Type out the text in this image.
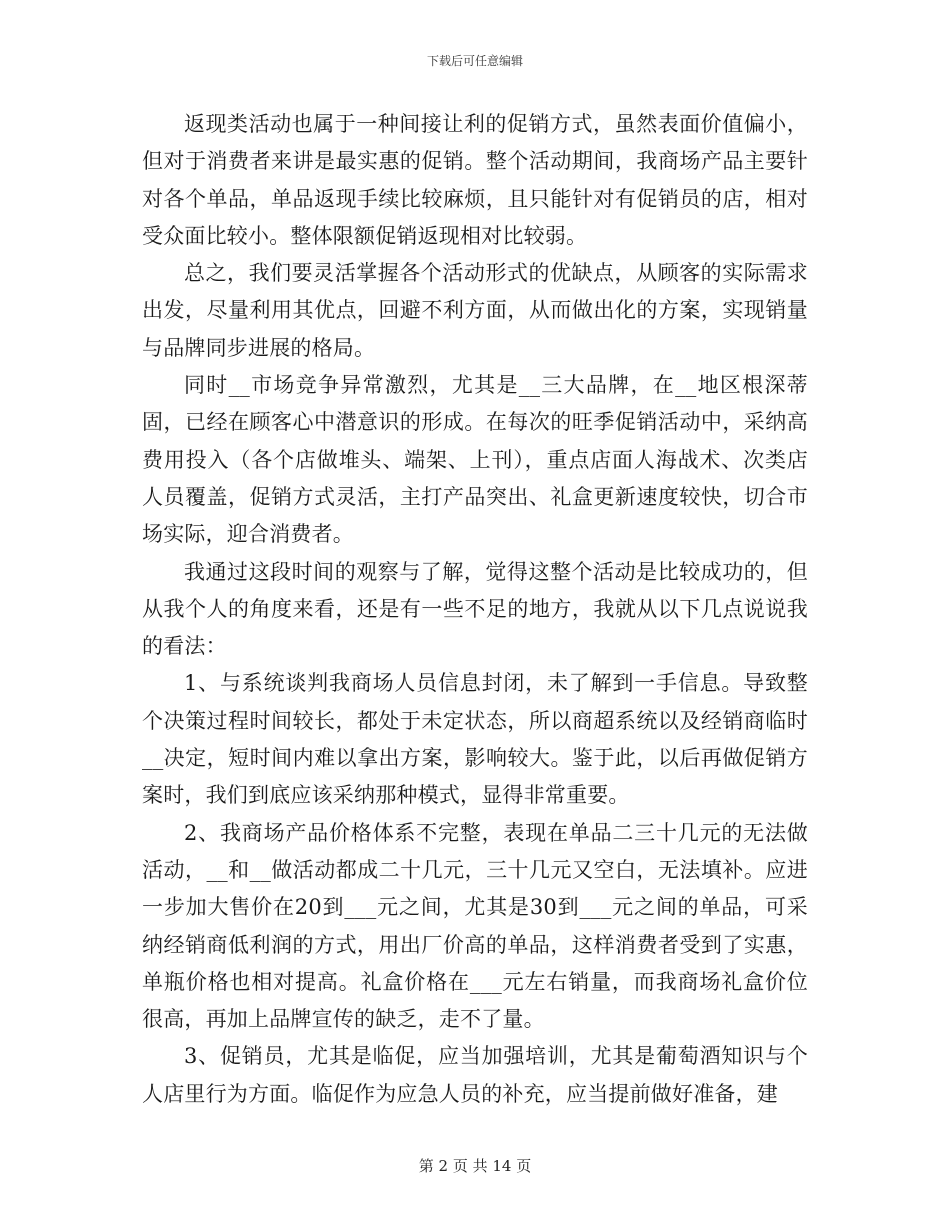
下载后可任意编辑

返现类活动也属于一种间接让利的促销方式，虽然表面价值偏小，但对于消费者来讲是最实惠的促销。整个活动期间，我商场产品主要针对各个单品，单品返现手续比较麻烦，且只能针对有促销员的店，相对受众面比较小。整体限额促销返现相对比较弱。

总之，我们要灵活掌握各个活动形式的优缺点，从顾客的实际需求出发，尽量利用其优点，回避不利方面，从而做出化的方案，实现销量与品牌同步进展的格局。

同时__市场竞争异常激烈，尤其是__三大品牌，在__地区根深蒂固，已经在顾客心中潜意识的形成。在每次的旺季促销活动中，采纳高费用投入（各个店做堆头、端架、上刊），重点店面人海战术、次类店人员覆盖，促销方式灵活，主打产品突出、礼盒更新速度较快，切合市场实际，迎合消费者。

我通过这段时间的观察与了解，觉得这整个活动是比较成功的，但从我个人的角度来看，还是有一些不足的地方，我就从以下几点说说我的看法：

1、与系统谈判我商场人员信息封闭，未了解到一手信息。导致整个决策过程时间较长，都处于未定状态，所以商超系统以及经销商临时__决定，短时间内难以拿出方案，影响较大。鉴于此，以后再做促销方案时，我们到底应该采纳那种模式，显得非常重要。

2、我商场产品价格体系不完整，表现在单品二三十几元的无法做活动，__和__做活动都成二十几元，三十几元又空白，无法填补。应进一步加大售价在20到___元之间，尤其是30到___元之间的单品，可采纳经销商低利润的方式，用出厂价高的单品，这样消费者受到了实惠，单瓶价格也相对提高。礼盒价格在___元左右销量，而我商场礼盒价位很高，再加上品牌宣传的缺乏，走不了量。

3、促销员，尤其是临促，应当加强培训，尤其是葡萄酒知识与个人店里行为方面。临促作为应急人员的补充，应当提前做好准备，建

第 2 页 共 14 页
